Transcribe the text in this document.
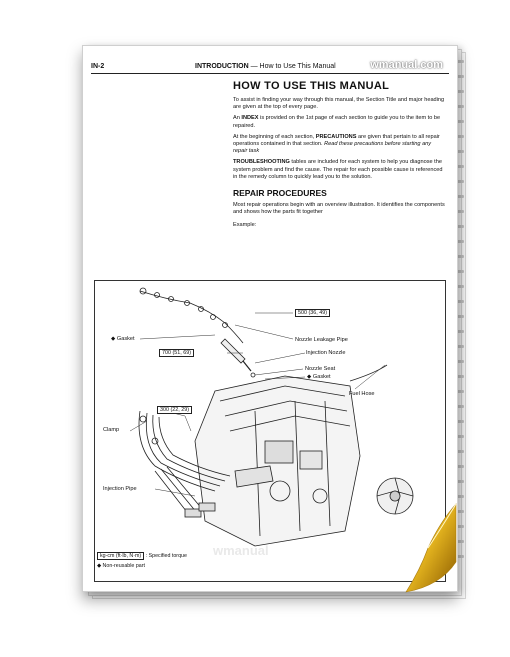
IN-2	INTRODUCTION — How to Use This Manual	wmanual.com
HOW TO USE THIS MANUAL
To assist in finding your way through this manual, the Section Title and major heading are given at the top of every page.
An INDEX is provided on the 1st page of each section to guide you to the item to be repaired.
At the beginning of each section, PRECAUTIONS are given that pertain to all repair operations contained in that section. Read these precautions before starting any repair task
TROUBLESHOOTING tables are included for each system to help you diagnose the system problem and find the cause. The repair for each possible cause is referenced in the remedy column to quickly lead you to the solution.
REPAIR PROCEDURES
Most repair operations begin with an overview illustration. It identifies the components and shows how the parts fit together
Example:
500 (36, 49)
Nozzle Leakage Pipe
◆ Gasket
700 (51, 69)	Injection Nozzle
Nozzle Seat
◆ Gasket
Fuel Hose
300 (22, 29)
Clamp
Injection Pipe
wmanual
kg-cm (ft·lb, N·m) : Specified torque
◆ Non-reusable part
